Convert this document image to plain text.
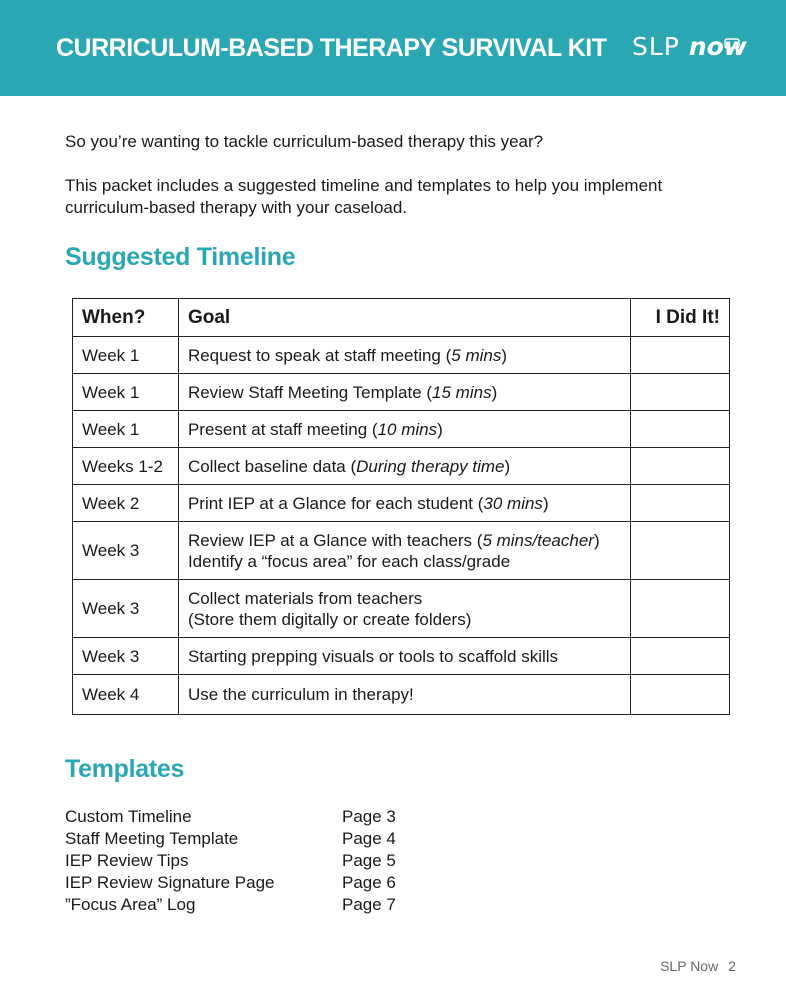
CURRICULUM-BASED THERAPY SURVIVAL KIT SLP now
So you’re wanting to tackle curriculum-based therapy this year?
This packet includes a suggested timeline and templates to help you implement curriculum-based therapy with your caseload.
Suggested Timeline
When?	Goal	I Did It!
Week 1	Request to speak at staff meeting (5 mins)	
Week 1	Review Staff Meeting Template (15 mins)	
Week 1	Present at staff meeting (10 mins)	
Weeks 1-2	Collect baseline data (During therapy time)	
Week 2	Print IEP at a Glance for each student (30 mins)	
Week 3	Review IEP at a Glance with teachers (5 mins/teacher)
Identify a “focus area” for each class/grade	
Week 3	Collect materials from teachers
(Store them digitally or create folders)	
Week 3	Starting prepping visuals or tools to scaffold skills	
Week 4	Use the curriculum in therapy!	
Templates
Custom Timeline	Page 3
Staff Meeting Template	Page 4
IEP Review Tips	Page 5
IEP Review Signature Page	Page 6
”Focus Area” Log	Page 7
SLP Now 2
